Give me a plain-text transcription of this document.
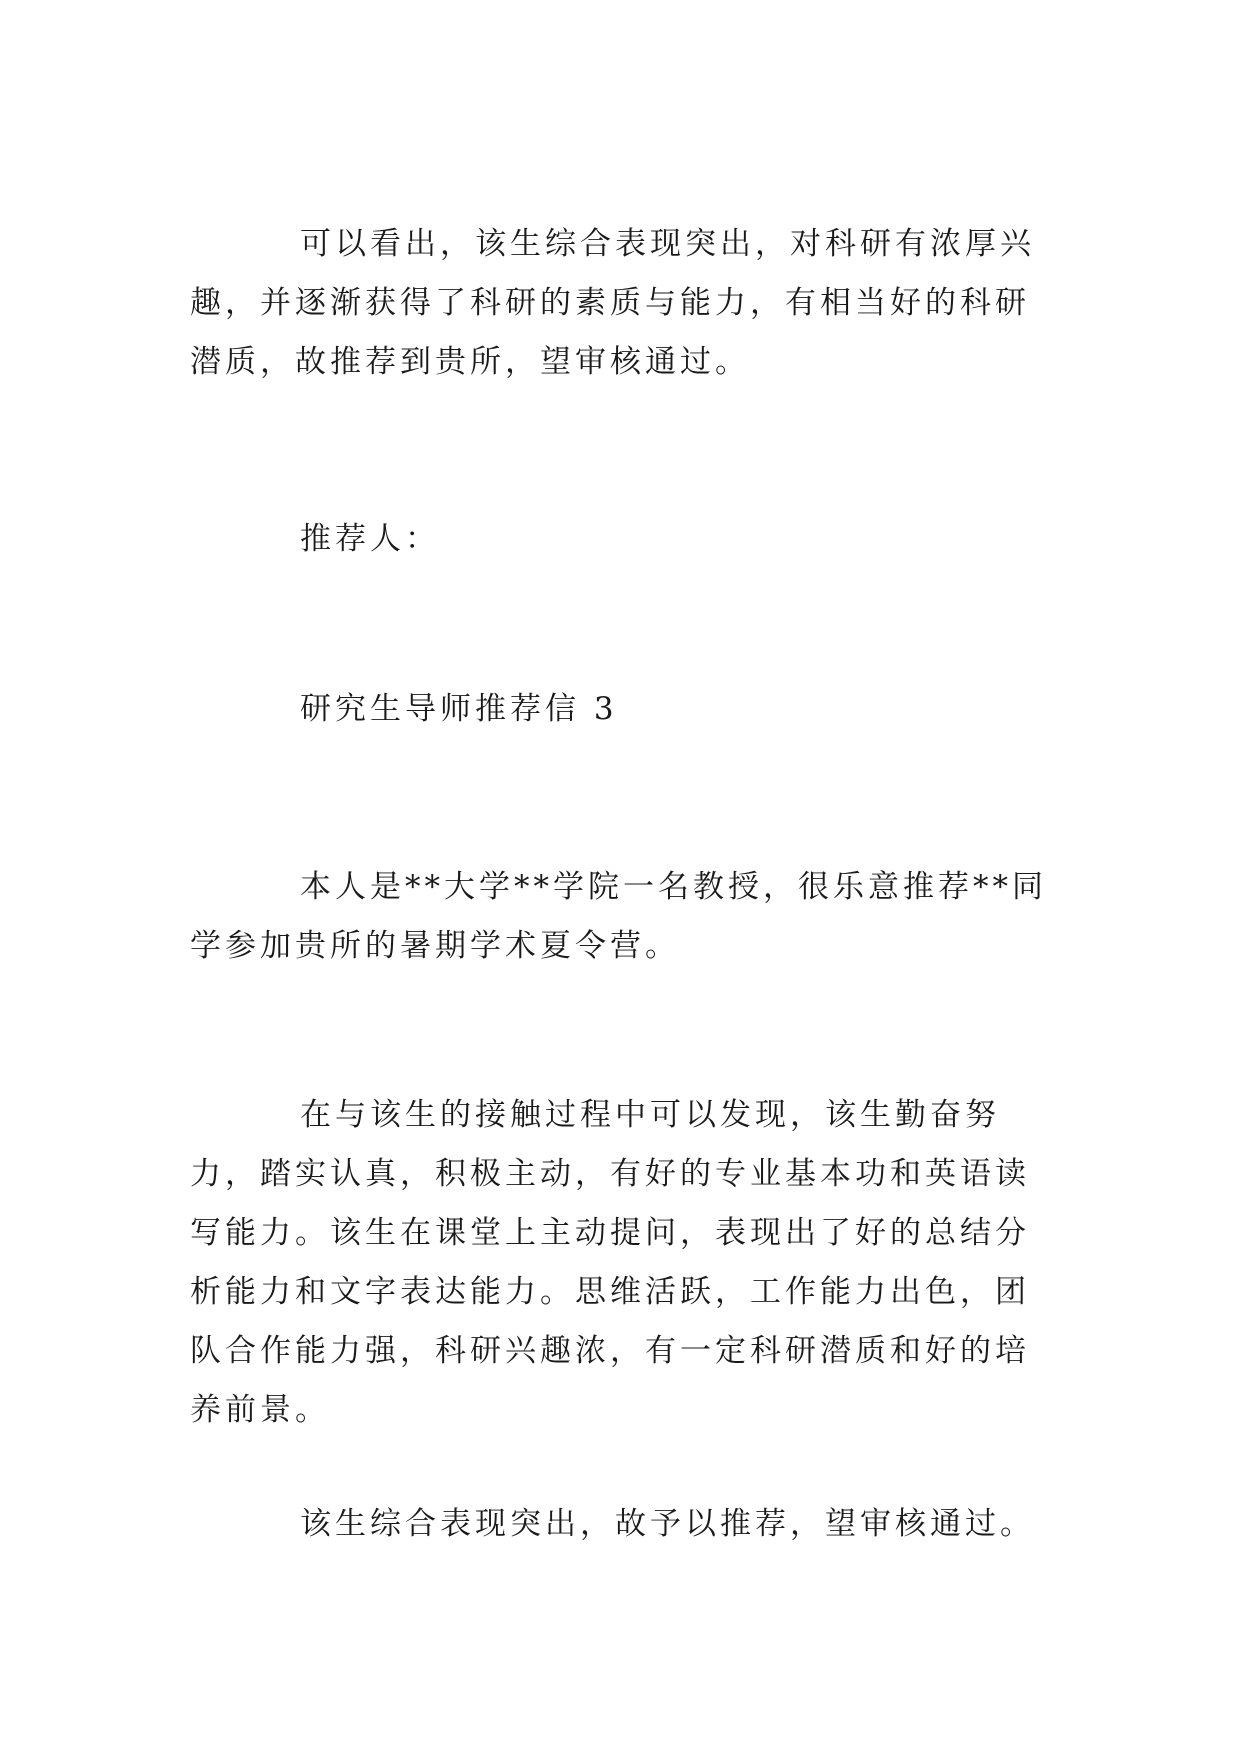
可以看出，该生综合表现突出，对科研有浓厚兴趣，并逐渐获得了科研的素质与能力，有相当好的科研潜质，故推荐到贵所，望审核通过。

推荐人：

研究生导师推荐信 3

本人是**大学**学院一名教授，很乐意推荐**同学参加贵所的暑期学术夏令营。

在与该生的接触过程中可以发现，该生勤奋努力，踏实认真，积极主动，有好的专业基本功和英语读写能力。该生在课堂上主动提问，表现出了好的总结分析能力和文字表达能力。思维活跃，工作能力出色，团队合作能力强，科研兴趣浓，有一定科研潜质和好的培养前景。

该生综合表现突出，故予以推荐，望审核通过。
